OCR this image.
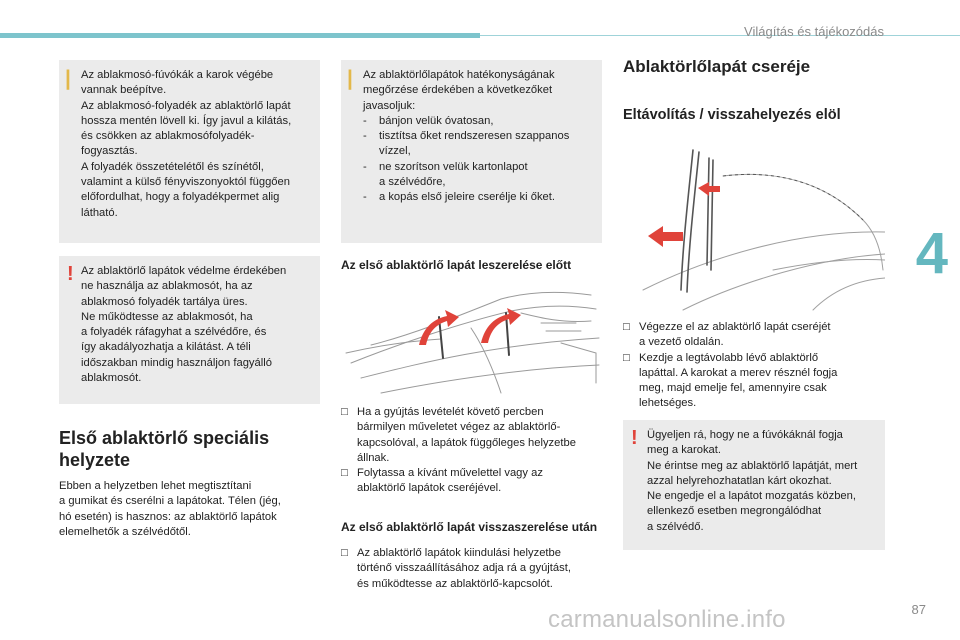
Világítás és tájékozódás
4
| Az ablakmosó-fúvókák a karok végébe
vannak beépítve.
Az ablakmosó-folyadék az ablaktörlő lapát
hossza mentén lövell ki. Így javul a kilátás,
és csökken az ablakmosófolyadék-
fogyasztás.
A folyadék összetételétől és színétől,
valamint a külső fényviszonyoktól függően
előfordulhat, hogy a folyadékpermet alig
látható.
! Az ablaktörlő lapátok védelme érdekében
ne használja az ablakmosót, ha az
ablakmosó folyadék tartálya üres.
Ne működtesse az ablakmosót, ha
a folyadék ráfagyhat a szélvédőre, és
így akadályozhatja a kilátást. A téli
időszakban mindig használjon fagyálló
ablakmosót.
Első ablaktörlő speciális
helyzete
Ebben a helyzetben lehet megtisztítani
a gumikat és cserélni a lapátokat. Télen (jég,
hó esetén) is hasznos: az ablaktörlő lapátok
elemelhetők a szélvédőtől.
| Az ablaktörlőlapátok hatékonyságának
megőrzése érdekében a következőket
javasoljuk:
- bánjon velük óvatosan,
- tisztítsa őket rendszeresen szappanos
vízzel,
- ne szorítson velük kartonlapot
a szélvédőre,
- a kopás első jeleire cserélje ki őket.
Az első ablaktörlő lapát leszerelése előtt
□ Ha a gyújtás levételét követő percben
bármilyen műveletet végez az ablaktörlő-
kapcsolóval, a lapátok függőleges helyzetbe
állnak.
□ Folytassa a kívánt művelettel vagy az
ablaktörlő lapátok cseréjével.
Az első ablaktörlő lapát visszaszerelése után
□ Az ablaktörlő lapátok kiindulási helyzetbe
történő visszaállításához adja rá a gyújtást,
és működtesse az ablaktörlő-kapcsolót.
Ablaktörlőlapát cseréje
Eltávolítás / visszahelyezés elöl
□ Végezze el az ablaktörlő lapát cseréjét
a vezető oldalán.
□ Kezdje a legtávolabb lévő ablaktörlő
lapáttal. A karokat a merev résznél fogja
meg, majd emelje fel, amennyire csak
lehetséges.
! Ügyeljen rá, hogy ne a fúvókáknál fogja
meg a karokat.
Ne érintse meg az ablaktörlő lapátját, mert
azzal helyrehozhatatlan kárt okozhat.
Ne engedje el a lapátot mozgatás közben,
ellenkező esetben megrongálódhat
a szélvédő.
carmanualsonline.info	87
